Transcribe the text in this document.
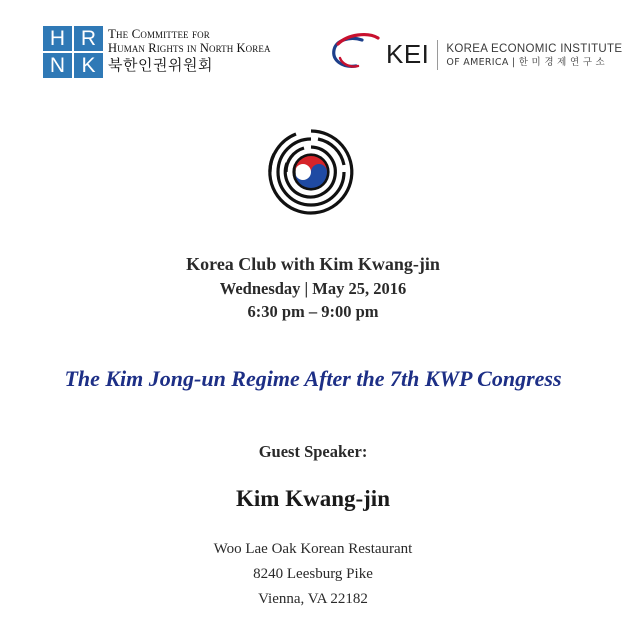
H R
N K
The Committee for
Human Rights in North Korea
북한인권위원회	KEI KOREA ECONOMIC INSTITUTE
OF AMERICA | 한 미 경 제 연 구 소
Korea Club with Kim Kwang-jin
Wednesday | May 25, 2016
6:30 pm – 9:00 pm
The Kim Jong-un Regime After the 7th KWP Congress
Guest Speaker:
Kim Kwang-jin
Woo Lae Oak Korean Restaurant
8240 Leesburg Pike
Vienna, VA 22182
